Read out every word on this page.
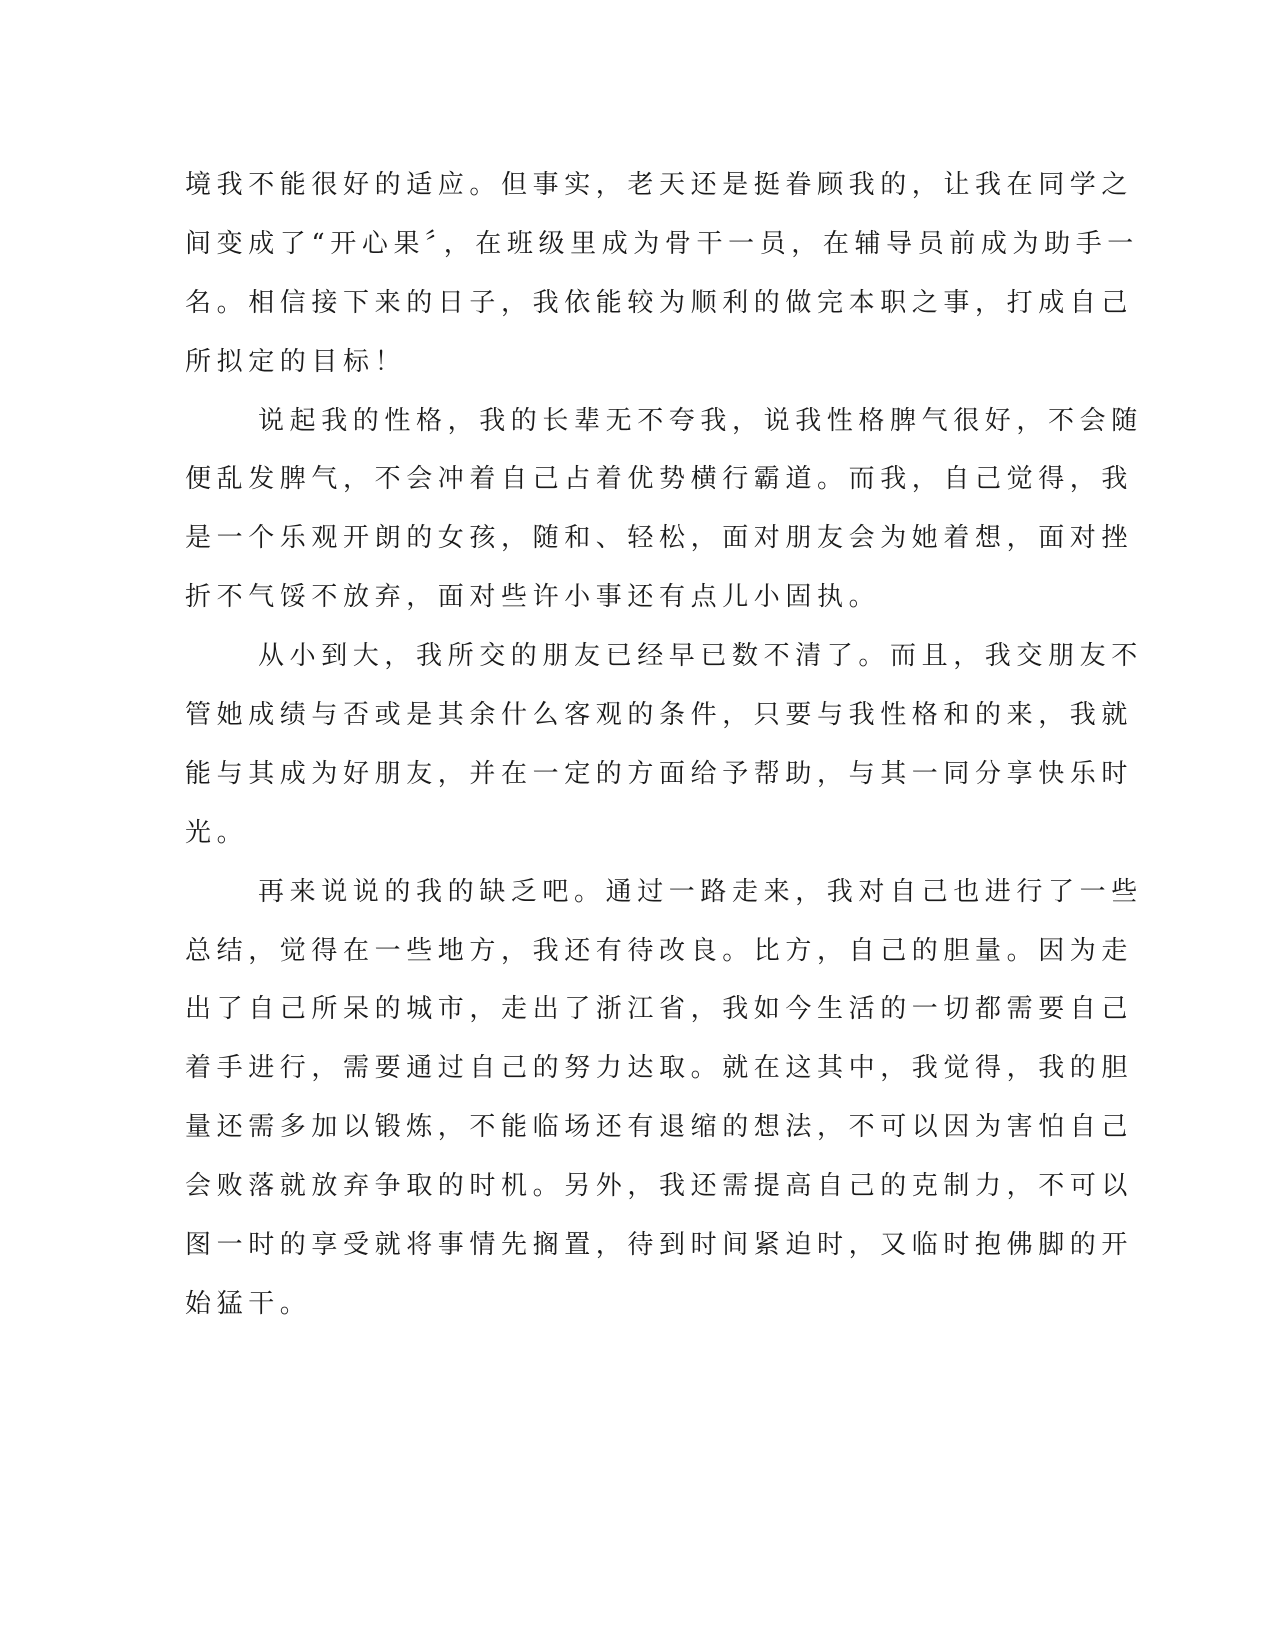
境我不能很好的适应。但事实，老天还是挺眷顾我的，让我在同学之
间变成了“开心果〞，在班级里成为骨干一员，在辅导员前成为助手一
名。相信接下来的日子，我依能较为顺利的做完本职之事，打成自己
所拟定的目标！
说起我的性格，我的长辈无不夸我，说我性格脾气很好，不会随
便乱发脾气，不会冲着自己占着优势横行霸道。而我，自己觉得，我
是一个乐观开朗的女孩，随和、轻松，面对朋友会为她着想，面对挫
折不气馁不放弃，面对些许小事还有点儿小固执。
从小到大，我所交的朋友已经早已数不清了。而且，我交朋友不
管她成绩与否或是其余什么客观的条件，只要与我性格和的来，我就
能与其成为好朋友，并在一定的方面给予帮助，与其一同分享快乐时
光。
再来说说的我的缺乏吧。通过一路走来，我对自己也进行了一些
总结，觉得在一些地方，我还有待改良。比方，自己的胆量。因为走
出了自己所呆的城市，走出了浙江省，我如今生活的一切都需要自己
着手进行，需要通过自己的努力达取。就在这其中，我觉得，我的胆
量还需多加以锻炼，不能临场还有退缩的想法，不可以因为害怕自己
会败落就放弃争取的时机。另外，我还需提高自己的克制力，不可以
图一时的享受就将事情先搁置，待到时间紧迫时，又临时抱佛脚的开
始猛干。
